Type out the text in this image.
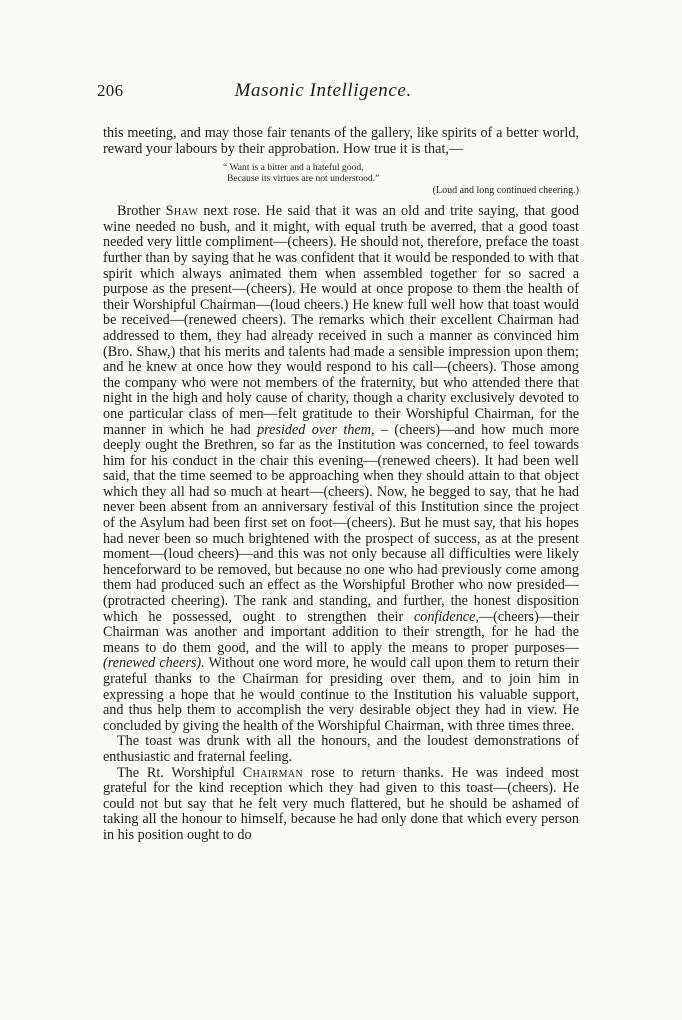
206	Masonic Intelligence.

this meeting, and may those fair tenants of the gallery, like spirits of a better world, reward your labours by their approbation. How true it is that,—

“ Want is a bitter and a hateful good,
Because its virtues are not understood.”
(Loud and long continued cheering.)

Brother Shaw next rose. He said that it was an old and trite saying, that good wine needed no bush, and it might, with equal truth be averred, that a good toast needed very little compliment—(cheers). He should not, therefore, preface the toast further than by saying that he was confident that it would be responded to with that spirit which always animated them when assembled together for so sacred a purpose as the present—(cheers). He would at once propose to them the health of their Worshipful Chairman—(loud cheers.) He knew full well how that toast would be received—(renewed cheers). The remarks which their excellent Chairman had addressed to them, they had already received in such a manner as convinced him (Bro. Shaw,) that his merits and talents had made a sensible impression upon them; and he knew at once how they would respond to his call—(cheers). Those among the company who were not members of the fraternity, but who attended there that night in the high and holy cause of charity, though a charity exclusively devoted to one particular class of men—felt gratitude to their Worshipful Chairman, for the manner in which he had presided over them, – (cheers)—and how much more deeply ought the Brethren, so far as the Institution was concerned, to feel towards him for his conduct in the chair this evening—(renewed cheers). It had been well said, that the time seemed to be approaching when they should attain to that object which they all had so much at heart—(cheers). Now, he begged to say, that he had never been absent from an anniversary festival of this Institution since the project of the Asylum had been first set on foot—(cheers). But he must say, that his hopes had never been so much brightened with the prospect of success, as at the present moment—(loud cheers)—and this was not only because all difficulties were likely henceforward to be removed, but because no one who had previously come among them had produced such an effect as the Worshipful Brother who now presided—(protracted cheering). The rank and standing, and further, the honest disposition which he possessed, ought to strengthen their confidence,—(cheers)—their Chairman was another and important addition to their strength, for he had the means to do them good, and the will to apply the means to proper purposes—(renewed cheers). Without one word more, he would call upon them to return their grateful thanks to the Chairman for presiding over them, and to join him in expressing a hope that he would continue to the Institution his valuable support, and thus help them to accomplish the very desirable object they had in view. He concluded by giving the health of the Worshipful Chairman, with three times three.

The toast was drunk with all the honours, and the loudest demonstrations of enthusiastic and fraternal feeling.

The Rt. Worshipful Chairman rose to return thanks. He was indeed most grateful for the kind reception which they had given to this toast—(cheers). He could not but say that he felt very much flattered, but he should be ashamed of taking all the honour to himself, because he had only done that which every person in his position ought to do
